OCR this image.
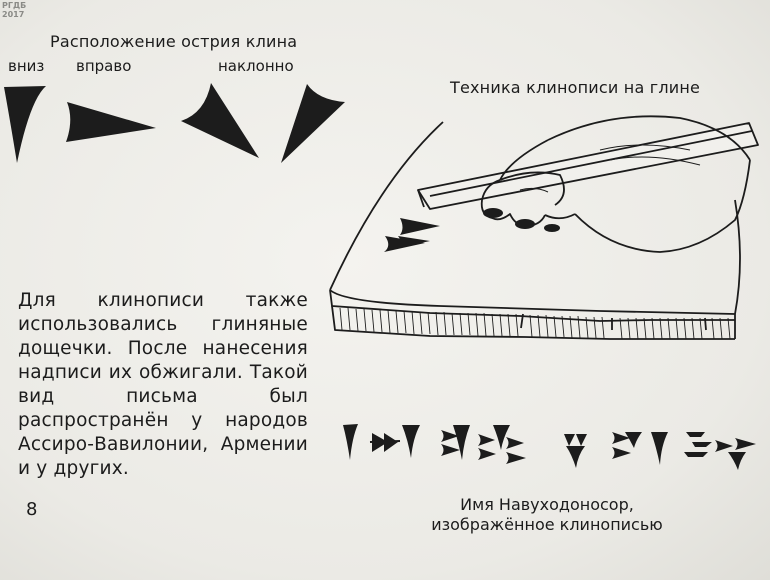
РГДБ
2017
Расположение острия клина
вниз вправо	наклонно
Техника клинописи на глине
Для клинописи также использовались глиняные дощечки. После нанесения надписи их обжигали. Такой вид письма был распространён у народов Ассиро-Вавилонии, Армении и у других.
8	Имя Навуходоносор,
изображённое клинописью
